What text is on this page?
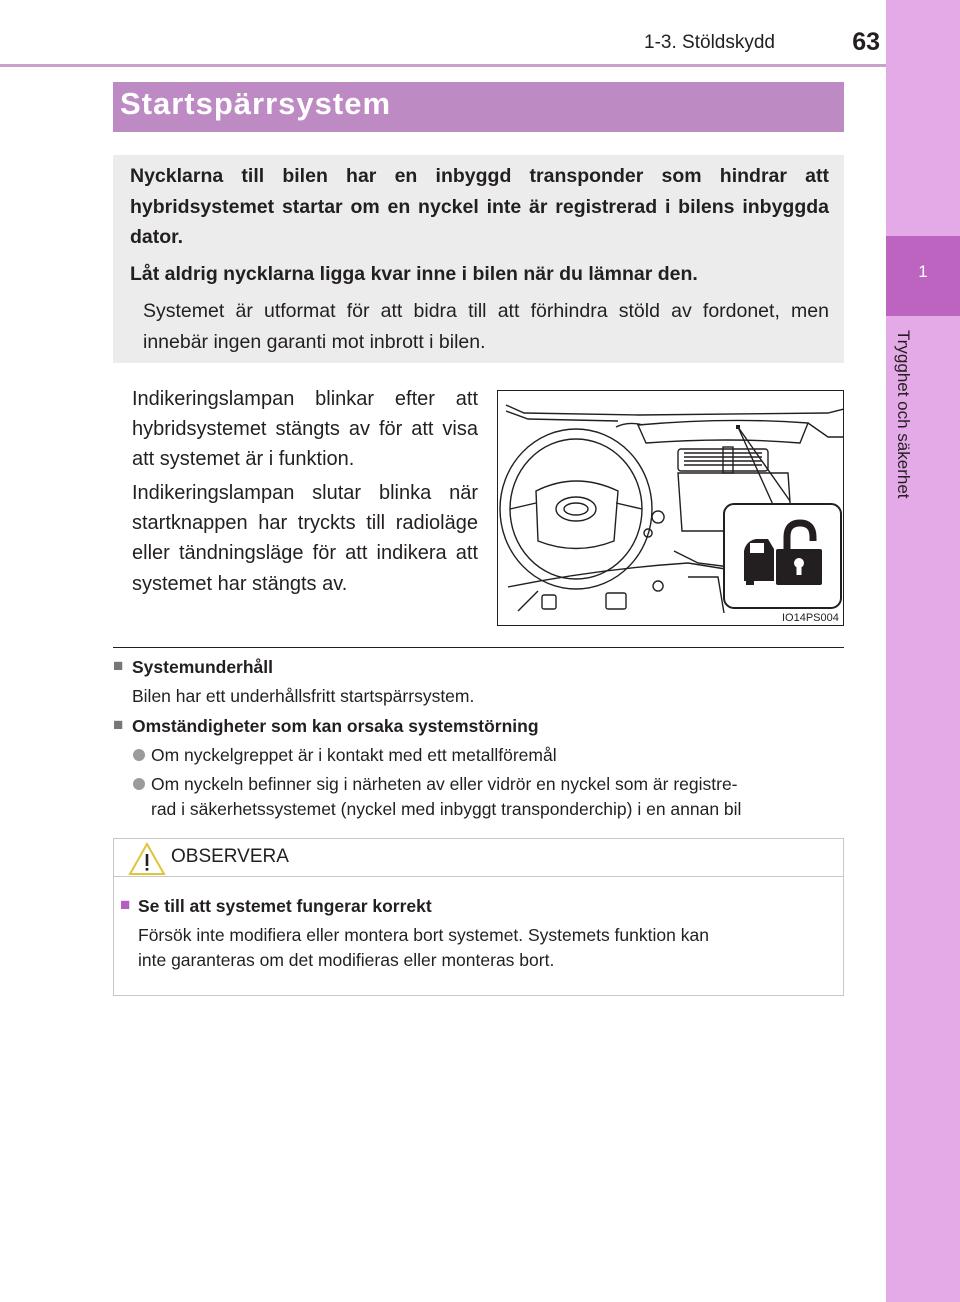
1
Trygghet och säkerhet
1-3. Stöldskydd	63
Startspärrsystem
Nycklarna till bilen har en inbyggd transponder som hindrar att hybridsystemet startar om en nyckel inte är registrerad i bilens inbyggda dator.
Låt aldrig nycklarna ligga kvar inne i bilen när du lämnar den.
Systemet är utformat för att bidra till att förhindra stöld av fordonet, men innebär ingen garanti mot inbrott i bilen.
Indikeringslampan blinkar efter att hybridsystemet stängts av för att visa att systemet är i funktion.
Indikeringslampan slutar blinka när startknappen har tryckts till radioläge eller tändningsläge för att indikera att systemet har stängts av.
IO14PS004
■ Systemunderhåll
Bilen har ett underhållsfritt startspärrsystem.
■ Omständigheter som kan orsaka systemstörning
Om nyckelgreppet är i kontakt med ett metallföremål
Om nyckeln befinner sig i närheten av eller vidrör en nyckel som är registre-
rad i säkerhetssystemet (nyckel med inbyggt transponderchip) i en annan bil
OBSERVERA
■ Se till att systemet fungerar korrekt
Försök inte modifiera eller montera bort systemet. Systemets funktion kan
inte garanteras om det modifieras eller monteras bort.
